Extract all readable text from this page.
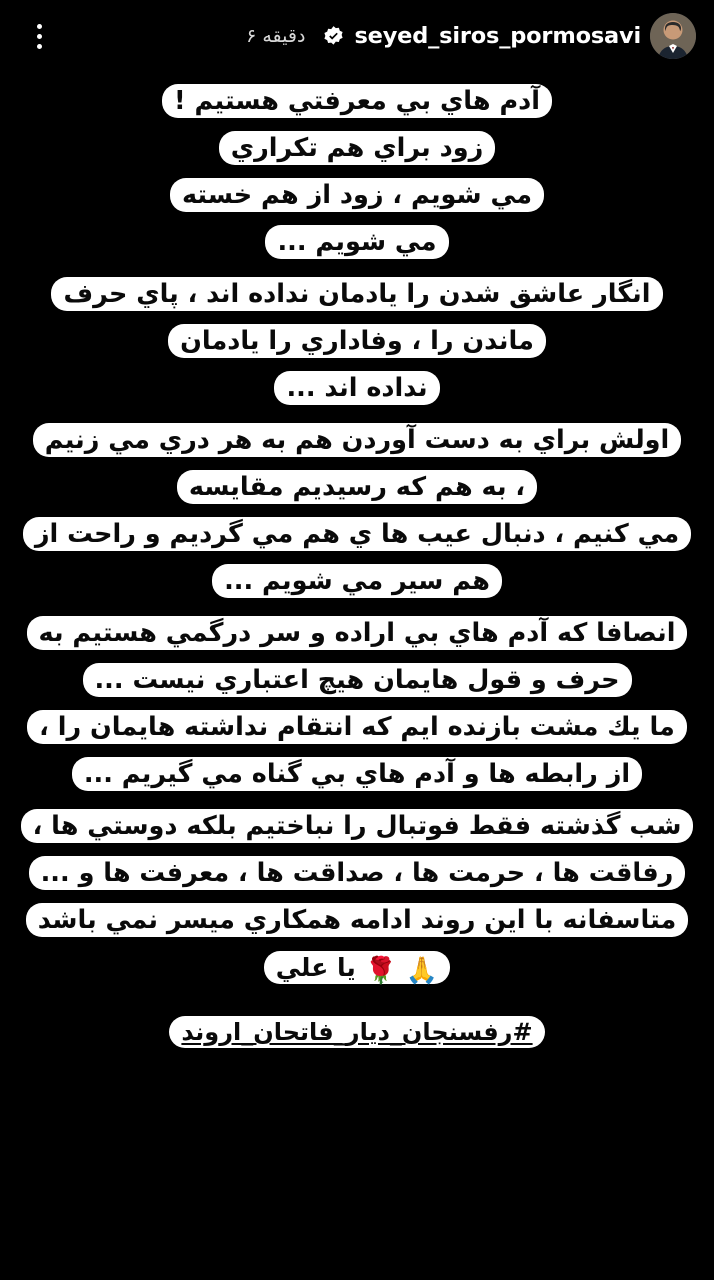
۶ دقیقه seyed_siros_pormosavi
آدم هاي بي معرفتي هستيم !
زود براي هم تكراري
مي شويم ، زود از هم خسته
مي شويم ...
انگار عاشق شدن را يادمان نداده اند ، پاي حرف
ماندن را ، وفاداري را يادمان
نداده اند ...
اولش براي به دست آوردن هم به هر دري مي زنيم
، به هم كه رسيديم مقايسه
مي كنيم ، دنبال عيب ها ي هم مي گرديم و راحت از
هم سير مي شويم ...
انصافا كه آدم هاي بي اراده و سر درگمي هستيم به
حرف و قول هايمان هيچ اعتباري نيست ...
ما يك مشت بازنده ايم كه انتقام نداشته هايمان را ،
از رابطه ها و آدم هاي بي گناه مي گيريم ...
شب گذشته فقط فوتبال را نباختیم بلكه دوستي ها ،
رفاقت ها ، حرمت ها ، صداقت ها ، معرفت ها و ...
متاسفانه با اين روند ادامه همكاري ميسر نمي باشد
🙏 🌹 يا علي
#رفسنجان_ديار_فاتحان_اروند
